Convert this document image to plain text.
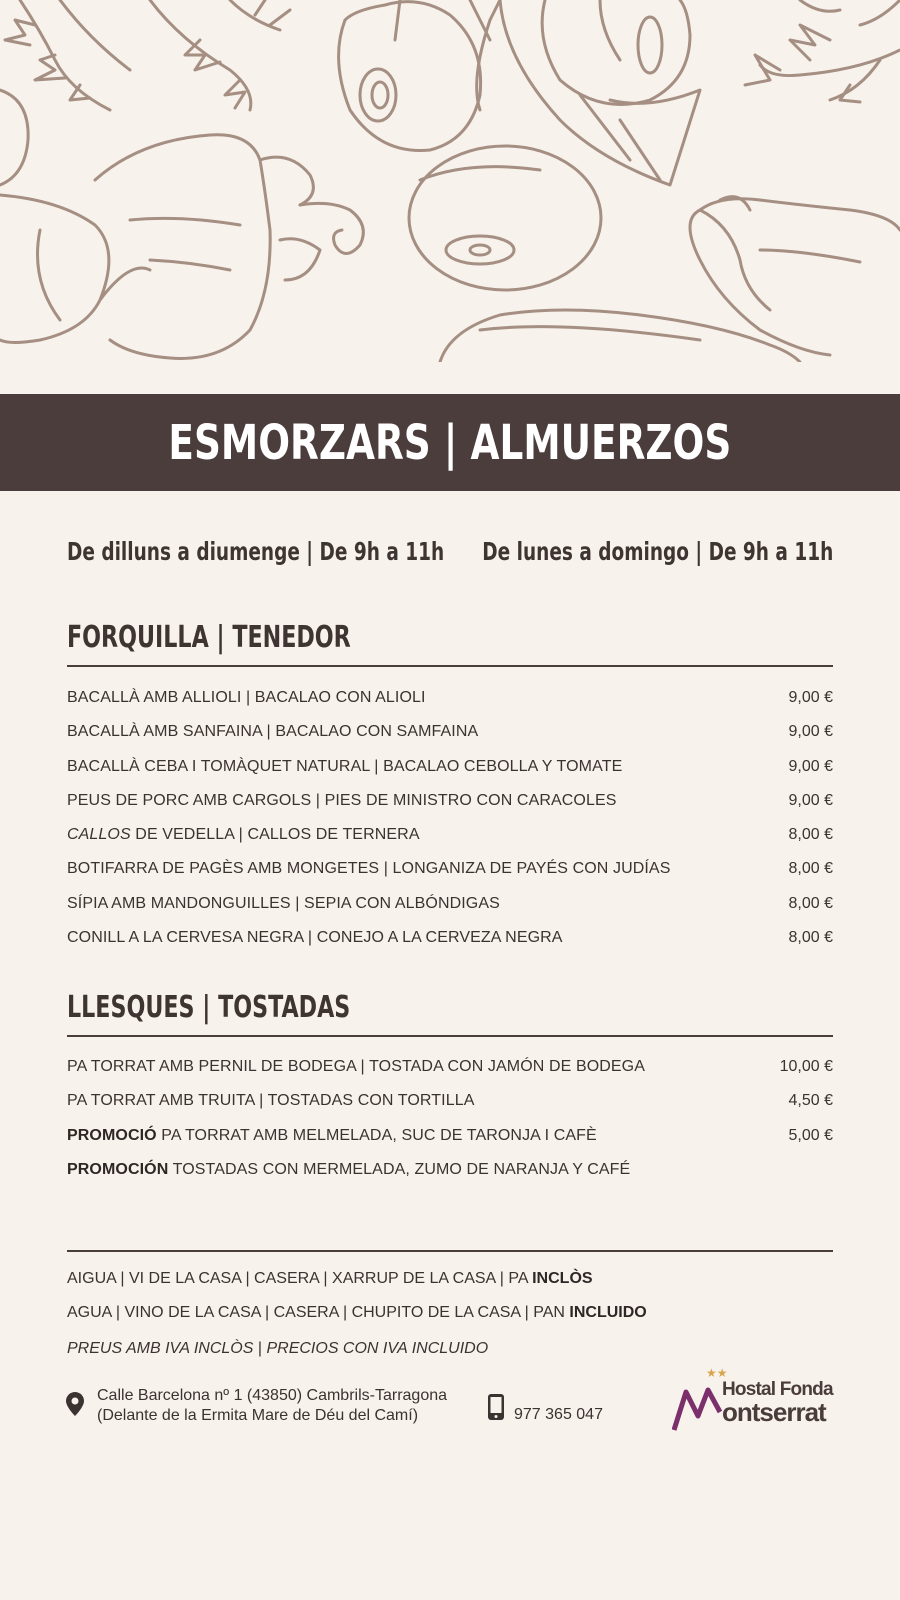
ESMORZARS | ALMUERZOS
De dilluns a diumenge | De 9h a 11h De lunes a domingo | De 9h a 11h
FORQUILLA | TENEDOR
BACALLÀ AMB ALLIOLI | BACALAO CON ALIOLI	9,00 €
BACALLÀ AMB SANFAINA | BACALAO CON SAMFAINA	9,00 €
BACALLÀ CEBA I TOMÀQUET NATURAL | BACALAO CEBOLLA Y TOMATE	9,00 €
PEUS DE PORC AMB CARGOLS | PIES DE MINISTRO CON CARACOLES	9,00 €
CALLOS DE VEDELLA | CALLOS DE TERNERA	8,00 €
BOTIFARRA DE PAGÈS AMB MONGETES | LONGANIZA DE PAYÉS CON JUDÍAS	8,00 €
SÍPIA AMB MANDONGUILLES | SEPIA CON ALBÓNDIGAS	8,00 €
CONILL A LA CERVESA NEGRA | CONEJO A LA CERVEZA NEGRA	8,00 €
LLESQUES | TOSTADAS
PA TORRAT AMB PERNIL DE BODEGA | TOSTADA CON JAMÓN DE BODEGA	10,00 €
PA TORRAT AMB TRUITA | TOSTADAS CON TORTILLA	4,50 €
PROMOCIÓ PA TORRAT AMB MELMELADA, SUC DE TARONJA I CAFÈ	5,00 €
PROMOCIÓN TOSTADAS CON MERMELADA, ZUMO DE NARANJA Y CAFÉ
AIGUA | VI DE LA CASA | CASERA | XARRUP DE LA CASA | PA INCLÒS
AGUA | VINO DE LA CASA | CASERA | CHUPITO DE LA CASA | PAN INCLUIDO
PREUS AMB IVA INCLÒS | PRECIOS CON IVA INCLUIDO
Calle Barcelona nº 1 (43850) Cambrils-Tarragona
(Delante de la Ermita Mare de Déu del Camí)	977 365 047
★★
Hostal Fonda
ontserrat
